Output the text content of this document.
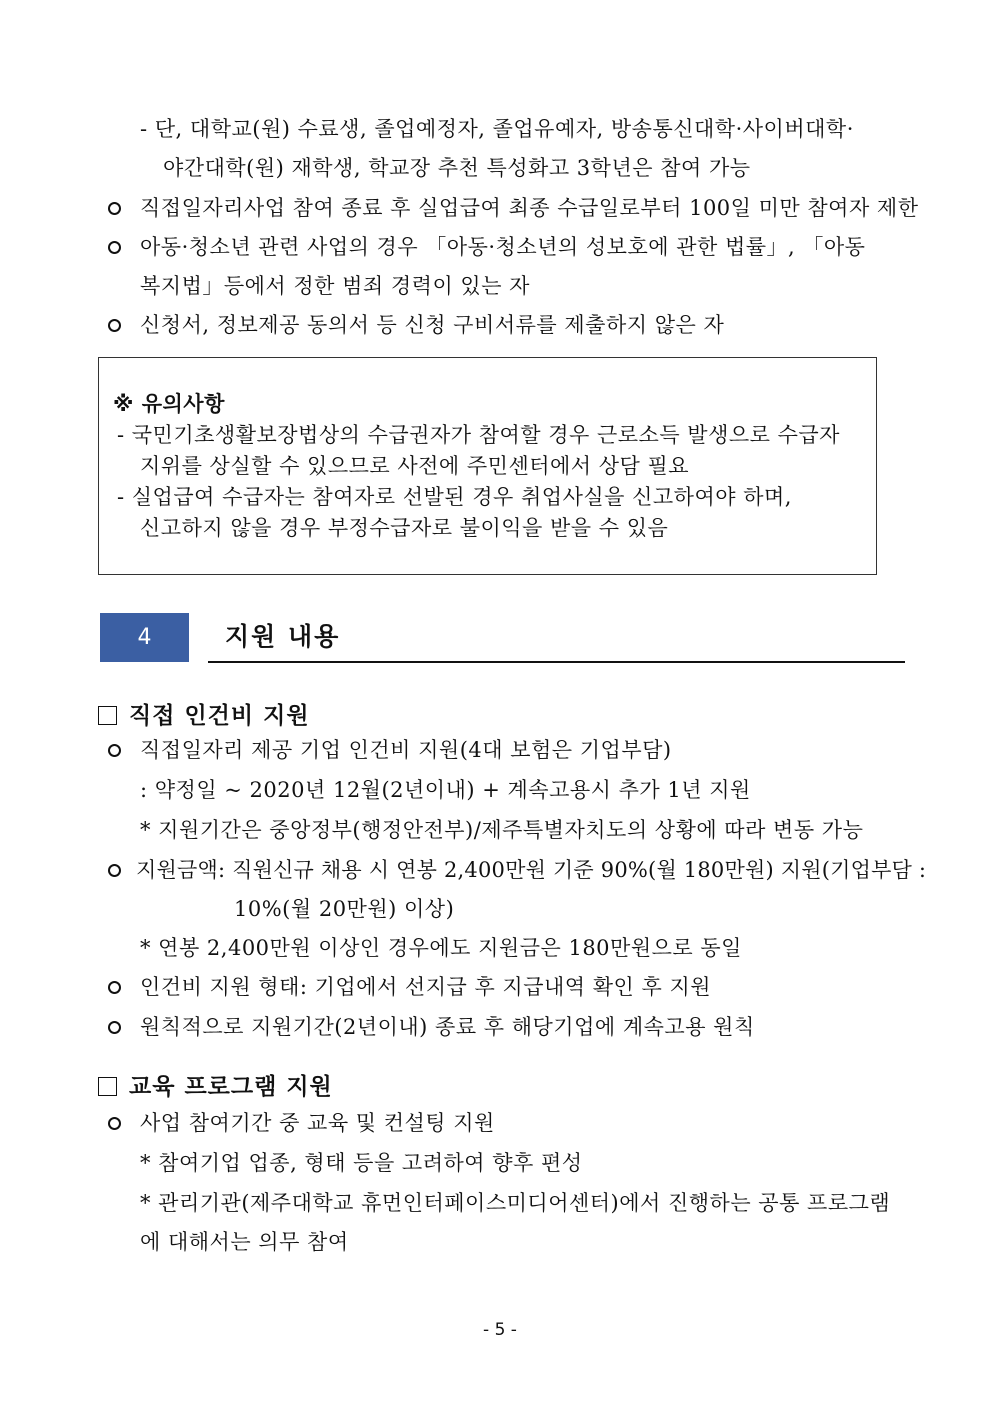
- 단, 대학교(원) 수료생, 졸업예정자, 졸업유예자, 방송통신대학·사이버대학·
야간대학(원) 재학생, 학교장 추천 특성화고 3학년은 참여 가능
직접일자리사업 참여 종료 후 실업급여 최종 수급일로부터 100일 미만 참여자 제한
아동·청소년 관련 사업의 경우 「아동·청소년의 성보호에 관한 법률」, 「아동
복지법」등에서 정한 범죄 경력이 있는 자
신청서, 정보제공 동의서 등 신청 구비서류를 제출하지 않은 자
※ 유의사항
- 국민기초생활보장법상의 수급권자가 참여할 경우 근로소득 발생으로 수급자
지위를 상실할 수 있으므로 사전에 주민센터에서 상담 필요
- 실업급여 수급자는 참여자로 선발된 경우 취업사실을 신고하여야 하며,
신고하지 않을 경우 부정수급자로 불이익을 받을 수 있음
4	지원 내용
직접 인건비 지원
직접일자리 제공 기업 인건비 지원(4대 보험은 기업부담)
: 약정일 ~ 2020년 12월(2년이내) + 계속고용시 추가 1년 지원
* 지원기간은 중앙정부(행정안전부)/제주특별자치도의 상황에 따라 변동 가능
지원금액: 직원신규 채용 시 연봉 2,400만원 기준 90%(월 180만원) 지원(기업부담 :
10%(월 20만원) 이상)
* 연봉 2,400만원 이상인 경우에도 지원금은 180만원으로 동일
인건비 지원 형태: 기업에서 선지급 후 지급내역 확인 후 지원
원칙적으로 지원기간(2년이내) 종료 후 해당기업에 계속고용 원칙
교육 프로그램 지원
사업 참여기간 중 교육 및 컨설팅 지원
* 참여기업 업종, 형태 등을 고려하여 향후 편성
* 관리기관(제주대학교 휴먼인터페이스미디어센터)에서 진행하는 공통 프로그램
에 대해서는 의무 참여
- 5 -
